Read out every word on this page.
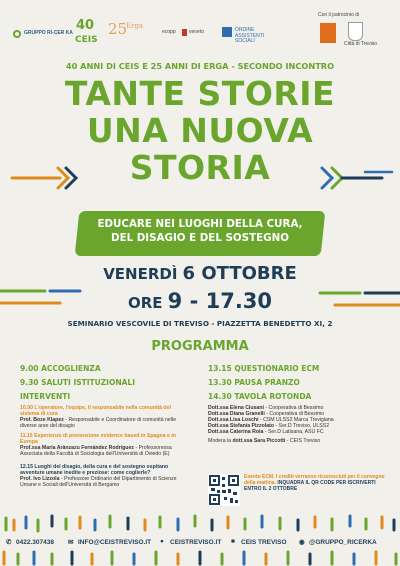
GRUPPO RI-CER KA 40
CEIS
25
Erga
ecopp	veneto	ORDINE ASSISTENTI SOCIALI
Con il patrocinio di
Città di Treviso
40 ANNI DI CEIS E 25 ANNI DI ERGA - SECONDO INCONTRO
TANTE STORIE
UNA NUOVA
STORIA
EDUCARE NEI LUOGHI DELLA CURA,
DEL DISAGIO E DEL SOSTEGNO
VENERDÌ 6 OTTOBRE
ORE 9 - 17.30
SEMINARIO VESCOVILE DI TREVISO - PIAZZETTA BENEDETTO XI, 2
PROGRAMMA
9.00 ACCOGLIENZA
9.30 SALUTI ISTITUZIONALI
INTERVENTI
10.00 L'operatore, l'équipe, il responsabile nella comunità del sistema di cura
Prof. Boze Klapez - Responsabile e Coordinatore di comunità nelle diverse aree del disagio
11.15 Esperienze di prevenzione evidence based in Spagna e in Europa
Prof.ssa María Aránzazu Fernández Rodríguez - Professoressa Associata della Facoltà di Sociologia dell'Università di Oviedo (E)
12.15 Luoghi del disagio, della cura e del sostegno ospitano avventure umane inedite e preziose: come coglierle?
Prof. Ivo Lizzola - Professore Ordinario del Dipartimento di Scienze Umane e Sociali dell'Università di Bergamo
13.15 QUESTIONARIO ECM
13.30 PAUSA PRANZO
14.30 TAVOLA ROTONDA
Dott.ssa Elena Ciusani - Cooperativa di Bessimo
Dott.ssa Diana Granelli - Cooperativa di Bessimo
Dott.ssa Lisa Loschi - CSM ULSS2 Marca Trevigiana
Dott.ssa Stefania Pizzolato - Ser.D Treviso, ULSS2
Dott.ssa Caterina Roia - Ser.D Latisana, ASU FC
Modera la dott.ssa Sara Piccotti - CEIS Treviso
Evento ECM. I crediti verranno riconosciuti per il convegno della mattina. INQUADRA IL QR CODE PER ISCRIVERTI ENTRO IL 2 OTTOBRE
✆ 0422.307438 ✉ INFO@CEISTREVISO.IT ● CEISTREVISO.IT ■ CEIS TREVISO ◉ @GRUPPO_RICERKA
